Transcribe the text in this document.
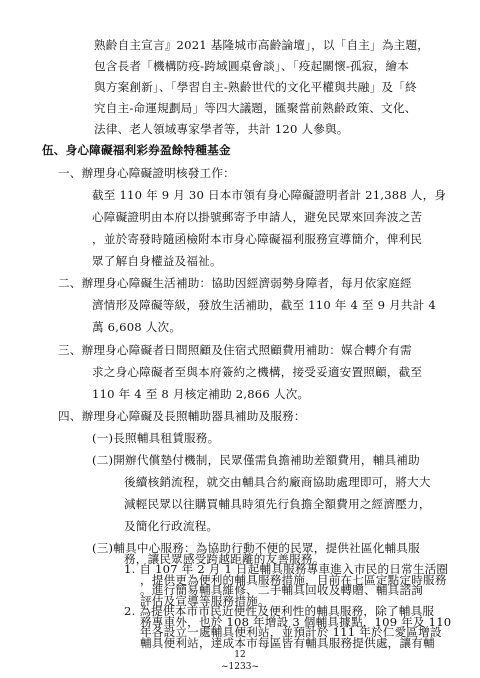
熟齡自主宣言』2021 基隆城市高齡論壇」，以「自主」為主題，
包含長者「機構防疫-跨域圓桌會談」、「疫起關懷-孤寂，繪本
與方案創新」、「學習自主-熟齡世代的文化平權與共融」及「終
究自主-命運規劃局」等四大議題，匯聚當前熟齡政策、文化、
法律、老人領域專家學者等，共計 120 人參與。
伍、身心障礙福利彩券盈餘特種基金
一、辦理身心障礙證明核發工作：
截至 110 年 9 月 30 日本市領有身心障礙證明者計 21,388 人，身
心障礙證明由本府以掛號郵寄予申請人，避免民眾來回奔波之苦
，並於寄發時隨函檢附本市身心障礙福利服務宣導簡介，俾利民
眾了解自身權益及福祉。
二、辦理身心障礙生活補助：協助因經濟弱勢身障者，每月依家庭經
濟情形及障礙等級，發放生活補助，截至 110 年 4 至 9 月共計 4
萬 6,608 人次。
三、辦理身心障礙者日間照顧及住宿式照顧費用補助：媒合轉介有需
求之身心障礙者至與本府簽約之機構，接受妥適安置照顧，截至
110 年 4 至 8 月核定補助 2,866 人次。
四、辦理身心障礙及長照輔助器具補助及服務：
(一)長照輔具租賃服務。
(二)開辦代償墊付機制，民眾僅需負擔補助差額費用，輔具補助
後續核銷流程，就交由輔具合約廠商協助處理即可，將大大
減輕民眾以往購買輔具時須先行負擔全額費用之經濟壓力，
及簡化行政流程。
(三)輔具中心服務：為協助行動不便的民眾，提供社區化輔具服
務，讓民眾感受跨越距離的友善服務。
1. 自 107 年 2 月 1 日起輔具服務專車進入市民的日常生活圈
，提供更為便利的輔具服務措施，目前在七區定點定時服務
。進行簡易輔具維修、二手輔具回收及轉贈、輔具諮詢
評估及宣導等服務措施。
2. 為提供本市市民近便性及便利性的輔具服務，除了輔具服
12
~1233~
務專車外，也於 108 年增設 3 個輔具據點，109 年及 110
年各設立一處輔具便利站，並預計於 111 年於仁愛區增設
輔具便利站，達成本市每區皆有輔具服務提供處，讓有輔
